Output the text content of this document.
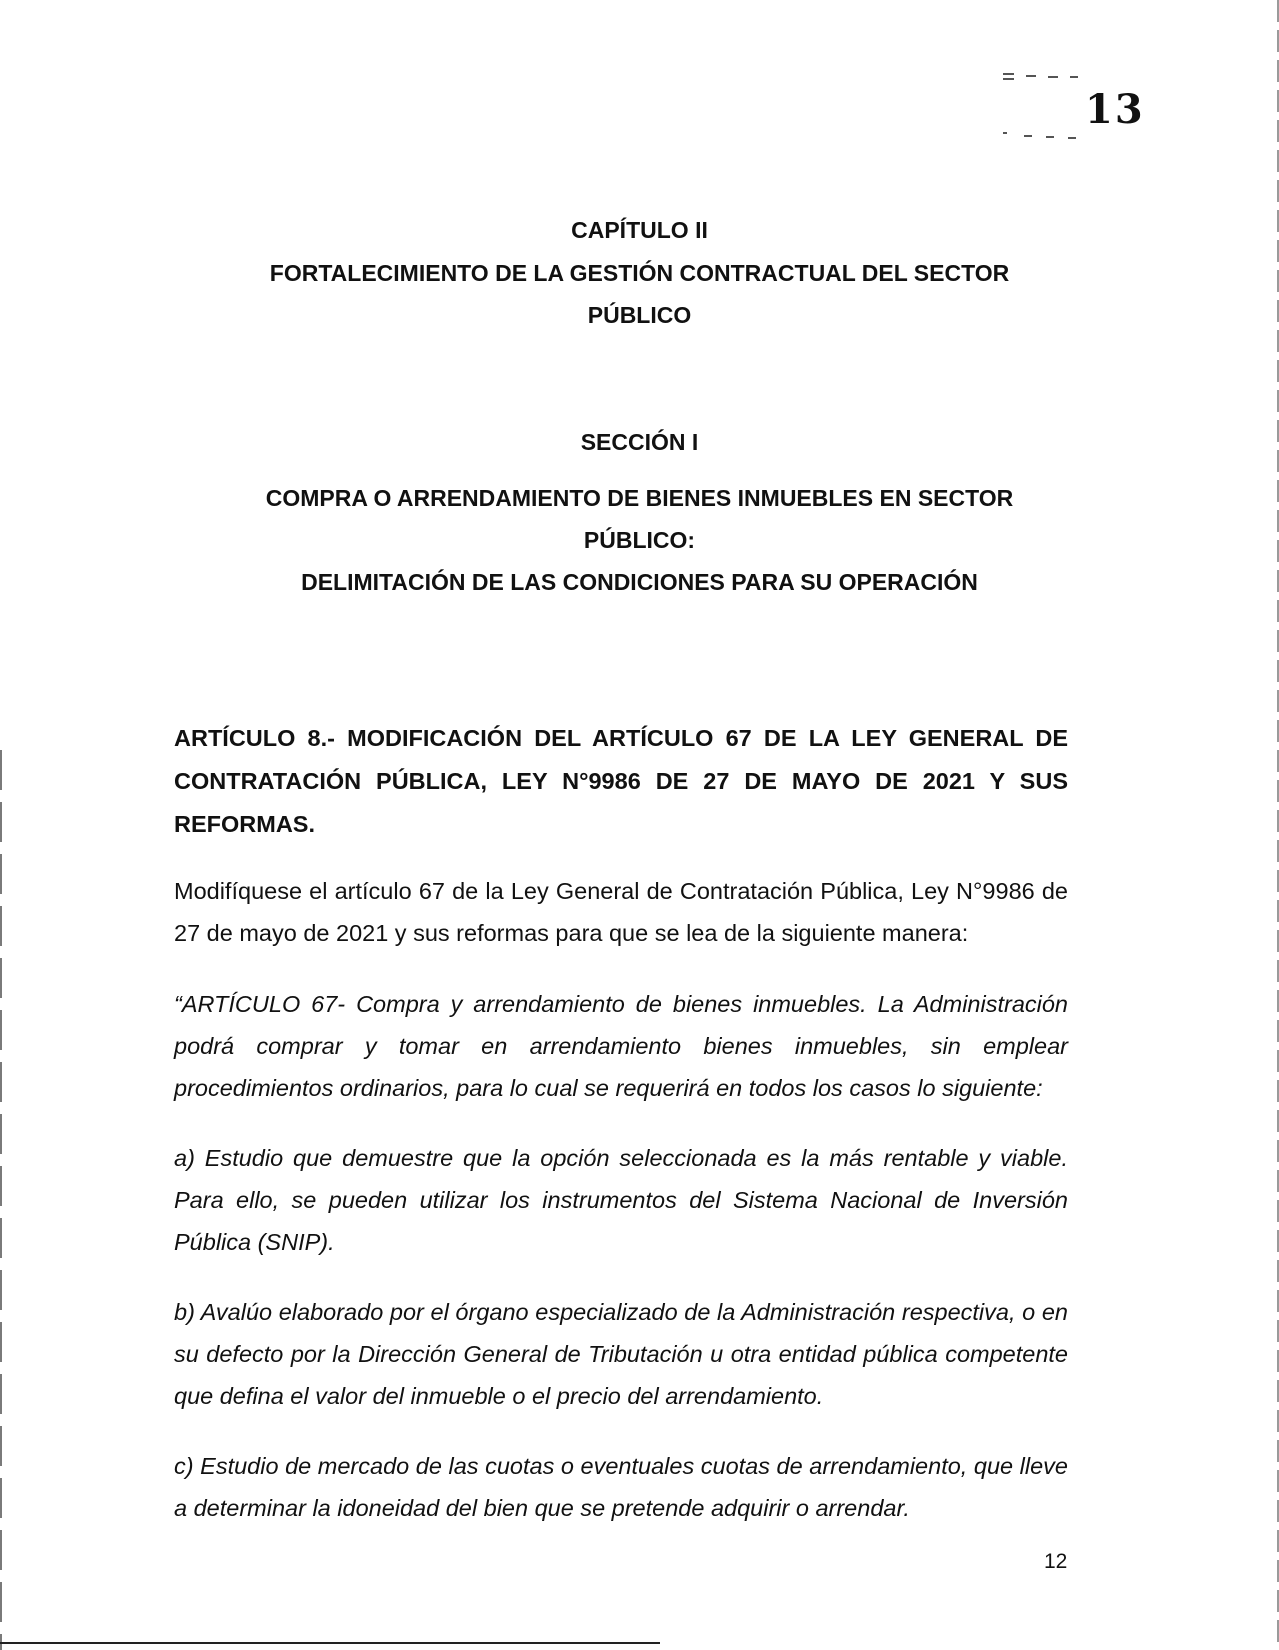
13
CAPÍTULO II
FORTALECIMIENTO DE LA GESTIÓN CONTRACTUAL DEL SECTOR
PÚBLICO
SECCIÓN I
COMPRA O ARRENDAMIENTO DE BIENES INMUEBLES EN SECTOR
PÚBLICO:
DELIMITACIÓN DE LAS CONDICIONES PARA SU OPERACIÓN
ARTÍCULO 8.- MODIFICACIÓN DEL ARTÍCULO 67 DE LA LEY GENERAL DE CONTRATACIÓN PÚBLICA, LEY N°9986 DE 27 DE MAYO DE 2021 Y SUS
REFORMAS.
Modifíquese el artículo 67 de la Ley General de Contratación Pública, Ley N°9986 de 27 de mayo de 2021 y sus reformas para que se lea de la siguiente manera:
“ARTÍCULO 67- Compra y arrendamiento de bienes inmuebles. La Administración podrá comprar y tomar en arrendamiento bienes inmuebles, sin emplear procedimientos ordinarios, para lo cual se requerirá en todos los casos lo siguiente:
a) Estudio que demuestre que la opción seleccionada es la más rentable y viable. Para ello, se pueden utilizar los instrumentos del Sistema Nacional de Inversión Pública (SNIP).
b) Avalúo elaborado por el órgano especializado de la Administración respectiva, o en su defecto por la Dirección General de Tributación u otra entidad pública competente que defina el valor del inmueble o el precio del arrendamiento.
c) Estudio de mercado de las cuotas o eventuales cuotas de arrendamiento, que lleve a determinar la idoneidad del bien que se pretende adquirir o arrendar.
12
